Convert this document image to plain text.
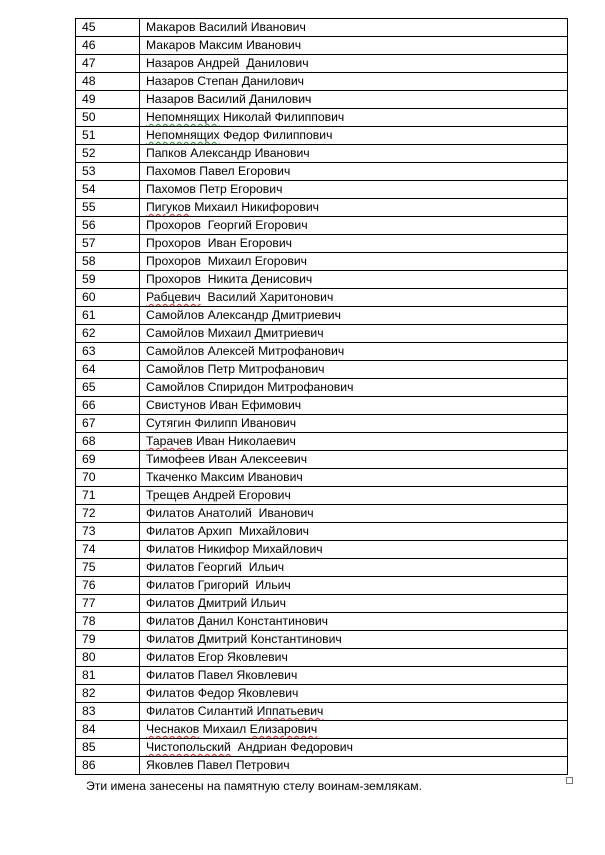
45	Макаров Василий Иванович
46	Макаров Максим Иванович
47	Назаров Андрей  Данилович
48	Назаров Степан Данилович
49	Назаров Василий Данилович
50	Непомнящих Николай Филиппович
51	Непомнящих Федор Филиппович
52	Папков Александр Иванович
53	Пахомов Павел Егорович
54	Пахомов Петр Егорович
55	Пигуков Михаил Никифорович
56	Прохоров  Георгий Егорович
57	Прохоров  Иван Егорович
58	Прохоров  Михаил Егорович
59	Прохоров  Никита Денисович
60	Рабцевич  Василий Харитонович
61	Самойлов Александр Дмитриевич
62	Самойлов Михаил Дмитриевич
63	Самойлов Алексей Митрофанович
64	Самойлов Петр Митрофанович
65	Самойлов Спиридон Митрофанович
66	Свистунов Иван Ефимович
67	Сутягин Филипп Иванович
68	Тарачев Иван Николаевич
69	Тимофеев Иван Алексеевич
70	Ткаченко Максим Иванович
71	Трещев Андрей Егорович
72	Филатов Анатолий  Иванович
73	Филатов Архип  Михайлович
74	Филатов Никифор Михайлович
75	Филатов Георгий  Ильич
76	Филатов Григорий  Ильич
77	Филатов Дмитрий Ильич
78	Филатов Данил Константинович
79	Филатов Дмитрий Константинович
80	Филатов Егор Яковлевич
81	Филатов Павел Яковлевич
82	Филатов Федор Яковлевич
83	Филатов Силантий Иппатьевич
84	Чеснаков Михаил Елизарович
85	Чистопольский  Андриан Федорович
86	Яковлев Павел Петрович
Эти имена занесены на памятную стелу воинам-землякам.
